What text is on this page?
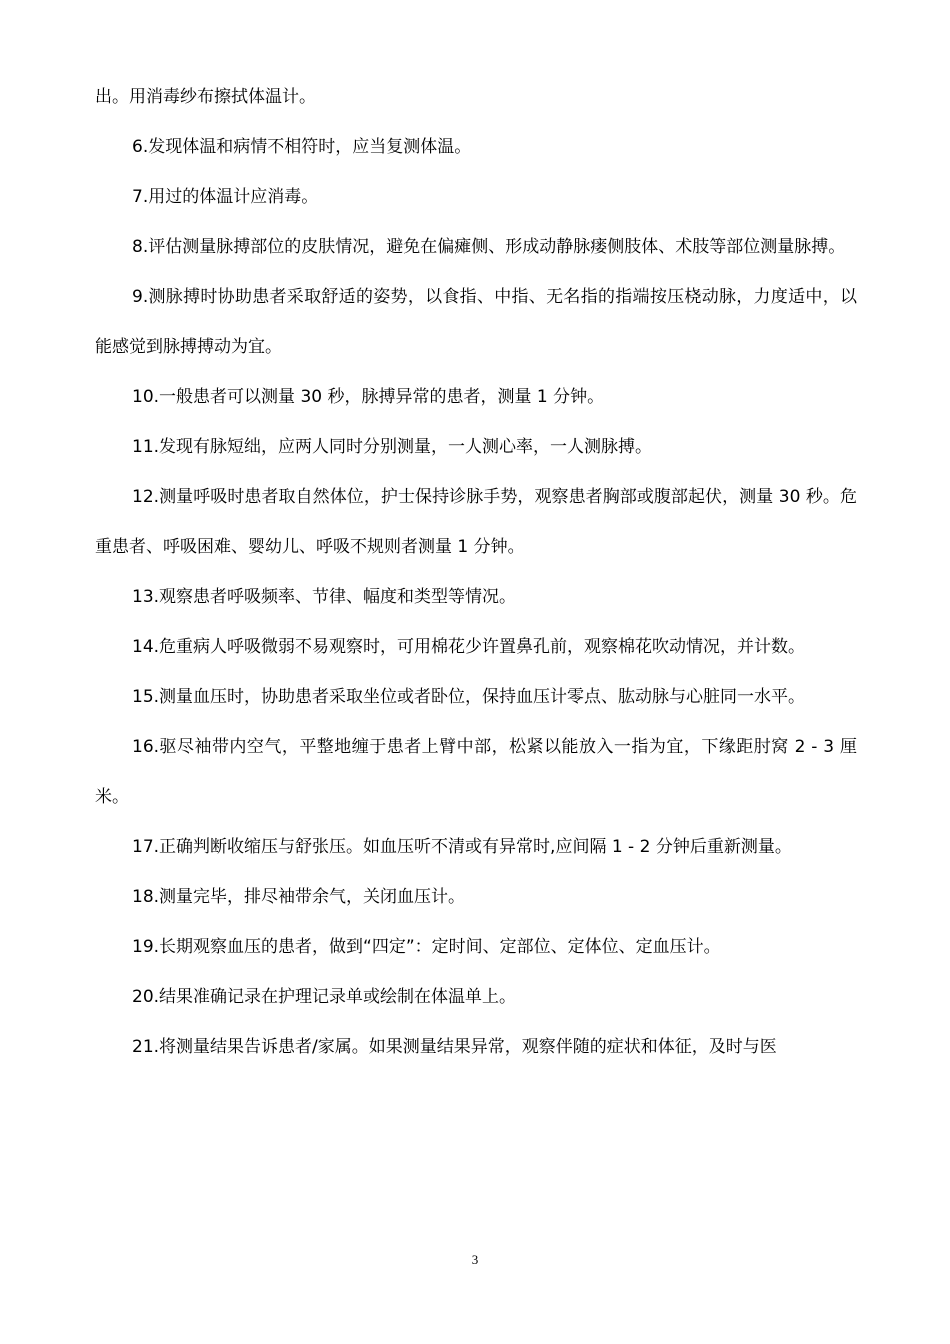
出。用消毒纱布擦拭体温计。

6.发现体温和病情不相符时，应当复测体温。

7.用过的体温计应消毒。

8.评估测量脉搏部位的皮肤情况，避免在偏瘫侧、形成动静脉瘘侧肢体、术肢等部位测量脉搏。

9.测脉搏时协助患者采取舒适的姿势，以食指、中指、无名指的指端按压桡动脉，力度适中，以能感觉到脉搏搏动为宜。

10.一般患者可以测量 30 秒，脉搏异常的患者，测量 1 分钟。

11.发现有脉短绌，应两人同时分别测量，一人测心率，一人测脉搏。

12.测量呼吸时患者取自然体位，护士保持诊脉手势，观察患者胸部或腹部起伏，测量 30 秒。危重患者、呼吸困难、婴幼儿、呼吸不规则者测量 1 分钟。

13.观察患者呼吸频率、节律、幅度和类型等情况。

14.危重病人呼吸微弱不易观察时，可用棉花少许置鼻孔前，观察棉花吹动情况，并计数。

15.测量血压时，协助患者采取坐位或者卧位，保持血压计零点、肱动脉与心脏同一水平。

16.驱尽袖带内空气，平整地缠于患者上臂中部，松紧以能放入一指为宜，下缘距肘窝 2 - 3 厘米。

17.正确判断收缩压与舒张压。如血压听不清或有异常时,应间隔 1 - 2 分钟后重新测量。

18.测量完毕，排尽袖带余气，关闭血压计。

19.长期观察血压的患者，做到“四定”：定时间、定部位、定体位、定血压计。

20.结果准确记录在护理记录单或绘制在体温单上。

21.将测量结果告诉患者/家属。如果测量结果异常，观察伴随的症状和体征，及时与医

3
